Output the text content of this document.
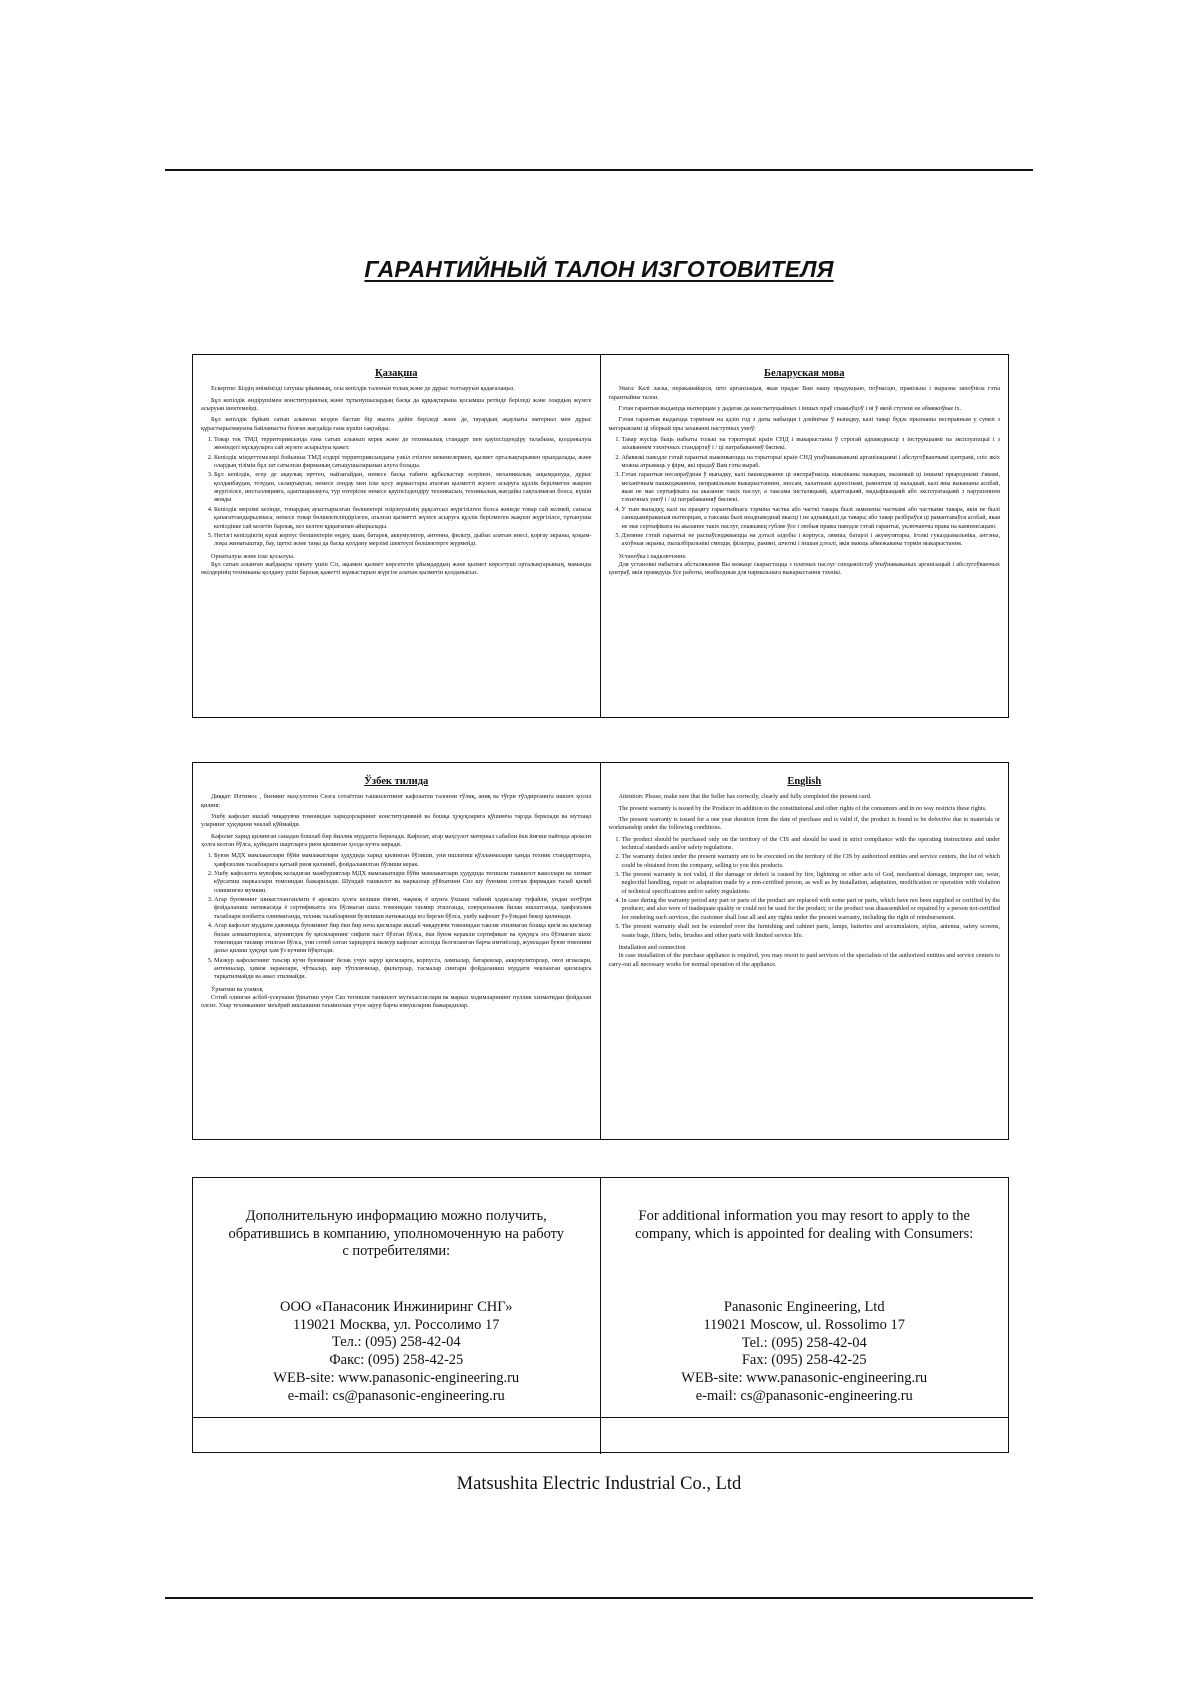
ГАРАНТИЙНЫЙ ТАЛОН ИЗГОТОВИТЕЛЯ
Қазақша

Ескертпе: Біздің өнімімізді сатушы ұйымның, осы кепілдік талонын толық және де дұрыс толтыруын қадағалаңыз.

Бұл кепілдік өндірушімен конституциялық және тұтынушылардың басқа да құқықтарына қосымша ретінде беріледі және олардың жүзеге асыруын шектемейді.

Бұл кепілдік бұйым сатып алынған кезден бастап бір жылға дейін беріледі және де, тауардың ақаулығы материал мен дұрыс құрастырылмауына байланысты болған жағдайда ғана күшін сақтайды.

1. Товар тек ТМД территориясында ғана сатып алынып керек және де техникалық стандарт пен қауіпсіздендіру талабына, қолданылуы жөніндегі нұсқауларға сай жүзеге асырылуы қажет.
2. Кепілдік міндеттемелері бойынша ТМД елдері территориясындағы уәкіл етілген мекемелермен, қызмет орталықтарымен орындалады, және олардың тізімін бұл зат сатылған фирманың сатыцушыларынан алуға болады.
3. Бұл кепілдік, егер де ақаулық өрттен, найзағайдан, немесе басқа табиғи құбылыстар әсерінен, механикалық зақымдануда, дұрыс қолданбаудан, тозудан, салақтықтан, немесе зондау мен іске қосу жұмыстары аталған қызметті жүзеге асыруға құзлік берілмеген жақпен жүргізілсе, инсталляцияға, адаптациялауға, тур өзгерісне немесе қауіпсіздендіру техникасын, техникалық жағдайы сақталмаған болса, күшін жояды
4. Кепілдік мерзімі кезінде, тонардың ауыстырылған бөлшектері өзірлеушінің рұқсатсыз жүргізілген болса жөнеде товар сай келмей, сапасы қанағаттандырылмаса; немесе товар бөлшектеліпдірілген, аталған қызметті жүзеге асыруға құзлік берілмеген жақпен жүргізілсе, тұтынушы кепілдікке сай келетін барлық, кез келген құқығынан айырылады.
5. Негізгі кепілдіктің күші корпус бөлшектерін өңдеу, шам, батарея, аккумулятор, антенна, фильтр, дыбыс алатын инесі, қорғау экраны, қоқым-лоқы жинағыштар, бау, щеткі және таңы да басқа қолдану мерзімі шектеулі бөлшектерге жүрмейді.

Орнатылуы және іске қосылуы.

Бұл сатып алынған жабдықты орнату үшін Сіз, ақымен қызмет көрсететін ұйымдардың және қызмет көрсетуші орталықтарының, маманды өкілдерінің техниканы қолдану үшін барлық қажетті жұмыстарын жүргізе алатын қызметін қолданысыз.

Беларуская мова

Увага: Калі ласка, пераканайцеся, што арганізацыя, якая прадае Вам нашу прадукцыю, поўнасцю, правільна і выразна запоўніла гэты гарантыйны талон.

Гэтая гарантыя выдаецца вытворцам у дадатак да канстытуцыйных і іншых праў спажыўцоў і ні ў якой ступені не абмяжоўвае іх.

Гэтая гарантыя выдаецца тэрмінам на адзін год з даты набыцця і дзейнічае ў выпадку, калі тавар будзе прызнаны несправным у сувязі з матэрыяламі ці зборкай пры захаванні наступных умоў:

1. Тавар жусіць быць набыты толькі на тэрыторыі краін СНД і выкарыстаны ў строгай адпаведнасці з інструкцыямі па эксплуатацыі і з захаваннем тэхнічных стандартаў і / ці патрабаванняў бяспекі.
2. Абавязкі паводле гэтай гарантыі выконваюцца на тэрыторыі краін СНД упаўнаважанымі арганізацыямі і абслугоўваючымі цэнтрамі, спіс якіх можна атрымаць у фірм, які прадаў Вам гэты выраб.
3. Гэтая гарантыя несапраўдная ў выпадку, калі пашкоджанне ці няспраўнасць выкліканы пажарам, маланкай ці іншымі прыроднымі з'явамі, механічным пашкоджаннем, неправільным выкарыстаннем, зносам, халатнымі адносінамі, рамонтам ці наладкай, калі яны выкананы асобай, якая не мае сертыфіката на аказанне такіх паслуг, а таксама інсталяцыяй, адаптацыяй, мадыфікацыяй або эксплуатацыяй з парушэннем тэхнічных умоў і / ці патрабаванняў бяспекі.
4. У тым выпадку, калі на працягу гарантыйнага тэрміна частка або часткі тавара былі заменены часткамі або частками тавара, якія не былі санкцыяніраваныя вытворцам, а таксама былі неадпаведнай якасці і не адпавядалі да тавара; або тавар разбіраўся ці рамантаваўся асобай, якая не мае сертыфіката на аказанне такіх паслуг, спажывец губляе ўсе і любыя правы паводле гэтай гарантыі, уключаючы права на кампенсацыю.
5. Дзеянне гэтай гарантыі не распаўсюджваецца на дэталі аздобы і корпуса, лямпы, батарэі і акумулятары, іголкі гуказдымальніка, антэны, ахоўныя экраны, пылазбіральнікі смецця, фільтры, рамяні, шчоткі і іншыя дэталі, якія маюць абмежаваны тэрмін выкарыстання.

Устаноўка і падключэнне.

Для установкі набытага абсталявання Вы можаце скарыстацца з платных паслуг спецыялістаў упаўнаважаных арганізацый і абслугоўваючых цэнтраў, якія правядуць ўсе работы, неабходныя для нармальнага выкарыстання тэхнікі.

Ўзбек тилида

Диққат: Илтимос , бизнинг маҳсулотни Сизга сотаётган ташкилотнинг кафолатли талонни тўлиқ, аниқ ва тўғри тўлдирганига ишонч ҳосил қилинг.

Ушбу кафолат ишлаб чиқарувчи томонидан харидорларнинг конституциявий ва бошқа ҳуқуқларига қўшимча тарзда берилади ва мутлақо уларнинг ҳуқуқини чеклаб қўймайди.

Кафолат харид қилинган санадан бошлаб бир йиллик муддатга берилади. Кафолат, агар маҳсулот материал сабабли ёки йиғиш пайтида ароксиз ҳолга келган бўлса, қуйидаги шартларга риоя қилинган ҳолда кучга киради.

1. Буюм МДХ мамлакатлари бўйи мамлакатлари ҳудудида харид қилинган бўлиши, уни ишлатиш қўлланмалари ҳамда техник стандартларга, ҳавфсизлик талабларига қатъий риоя қилиниб, фойдаланилган бўлиши керак.
2. Ушбу кафолатга мувофиқ келадиган мажбуриятлар МДХ мамлакатлари бўйи мамлакатлари ҳудудида тегишли ташкилот ваколлари ва хизмат кўрсатиш марказлари томонидан бажарилади. Шундай ташкилот ва марказлар рўйхатини Сиз шу буюмни сотган фирмадан талаб қилиб олишингиз мумкин.
3. Агар буюмнинг шикастланганлиги ё ароксиз ҳолга келиши ёнғин, чақмоқ ё шунга ўхшаш табиий ҳодисалар туфайли, уидан нотўғри фойдаланиш натижасида ё сертификатга эга бўлмаган шахс томонидан таъмир этилганда, совуқхоналик билан ишлатганда, ҳавфсизлик талаблари вэобатга олинмаганда, техник талабларини бузилиши натижасида юз берган бўлса, ушбу кафолат ўз-ўзидан бекор қилинади.
4. Агар кафолат муддати давомида буюмнинг бир ёки бир неча қисмлари ишлаб чиқарувчи томонидан таксия этилмаган бошқа қисм ва қисмлар билан алмаштирилса, шунингдек бу қисмларнинг сифати паст бўлган бўлса, ёки буюм керакли сертификат ва ҳуқуқга эга бўлмаган шахс томонидан таъмир этилган бўлса, уни сотиб олган харидорга мазкур кафолат асосида белгиланган барча имтиёзлар, жумладан буюм товонини дазьо қилиш ҳуқуқи ҳам ўз кучини йўқотади.
5. Мазкур кафолатнинг таъсир кучи буюмнинг безак учун зарур қисмларга, корпусга, лампалар, батареялар, аккумуляторлар, овоз игналари, антенналар, ҳимоя экранлари, чўткалар, кир тўпловчилар, фильтрлар, тасмалар сингари фойдаланиш муддати чекланган қисмларга тарқатилмайди ва амал этилмайди.

Ўрнатиш ва уламоқ

Сотиб олинган асбоб-ускунани ўрнатиш учун Сиз тегишли ташкилот мутахассислари ва марказ ходимларининг пуллик хизматидан фойдалан олсиз. Улар техниканинг меъёрий ишлашини таъминлаш учун зарур барча юмушларни бажарадилар.

English

Attention: Please, make sure that the Seller has correctly, clearly and fully completed the present card.

The present warranty is issued by the Producer in addition to the constitutional and other rights of the consumers and in no way restricts these rights.

The present warranty is issued for a one year duration from the date of purchase and is valid if, the product is found to be defective due to materials or workmanship under the following conditions.

1. The product should be purchased only on the territory of the CIS and should be used in strict compliance with the operating instructions and under technical standards and/or safety regulations.
2. The warranty duties under the present warranty are to be executed on the territory of the CIS by authorized entities and service centers, the list of which could be obtained from the company, selling to you this products.
3. The present warranty is not valid, if the damage or defect is caused by fire, lightning or other acts of God, mechanical damage, improper use, wear, neglectful handling, repair or adaptation made by a non-certified person, as well as by installation, adaptation, modification or operation with violation of technical specifications and/or safety regulations.
4. In case during the warranty period any part or parts of the product are replaced with some part or parts, which have not been supplied or certified by the producer, and also were of inadequate quality or could not be used for the product; or the product was disassembled or repaired by a person not-certified for rendering such services, the customer shall lose all and any rights under the present warranty, including the right of reimbursement.
5. The present warranty shall not be extended over the furnishing and cabinet parts, lamps, batteries and accumulators, stylus, antenna, safety screens, waste bags, filters, belts, brushes and other parts with limited service life.

Installation and connection

In case installation of the purchase appliance is required, you may resort to paid services of the specialists of the authorized entities and service centers to carry-out all necessary works for normal operation of the appliance.

Дополнительную информацию можно получить,
обратившись в компанию, уполномоченную на работу
с потребителями:
ООО «Панасоник Инжиниринг СНГ»
119021 Москва, ул. Россолимо 17
Тел.: (095) 258-42-04
Факс: (095) 258-42-25
WEB-site: www.panasonic-engineering.ru
e-mail: cs@panasonic-engineering.ru
For additional information you may resort to apply to the
company, which is appointed for dealing with Consumers:
Panasonic Engineering, Ltd
119021 Moscow, ul. Rossolimo 17
Tel.: (095) 258-42-04
Fax: (095) 258-42-25
WEB-site: www.panasonic-engineering.ru
e-mail: cs@panasonic-engineering.ru
Matsushita Electric Industrial Co., Ltd
